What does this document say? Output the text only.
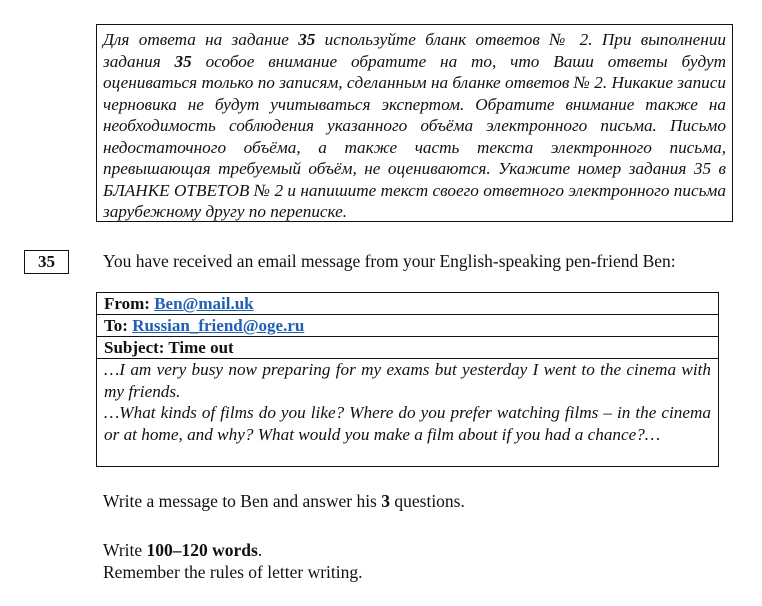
Для ответа на задание 35 используйте бланк ответов № 2. При выполнении задания 35 особое внимание обратите на то, что Ваши ответы будут оцениваться только по записям, сделанным на бланке ответов № 2. Никакие записи черновика не будут учитываться экспертом. Обратите внимание также на необходимость соблюдения указанного объёма электронного письма. Письмо недостаточного объёма, а также часть текста электронного письма, превышающая требуемый объём, не оцениваются. Укажите номер задания 35 в БЛАНКЕ ОТВЕТОВ № 2 и напишите текст своего ответного электронного письма зарубежному другу по переписке.
35	You have received an email message from your English-speaking pen-friend Ben:
From: Ben@mail.uk
To: Russian_friend@oge.ru
Subject: Time out

…I am very busy now preparing for my exams but yesterday I went to the cinema with my friends.

…What kinds of films do you like? Where do you prefer watching films – in the cinema or at home, and why? What would you make a film about if you had a chance?…

Write a message to Ben and answer his 3 questions.
Write 100–120 words.
Remember the rules of letter writing.
